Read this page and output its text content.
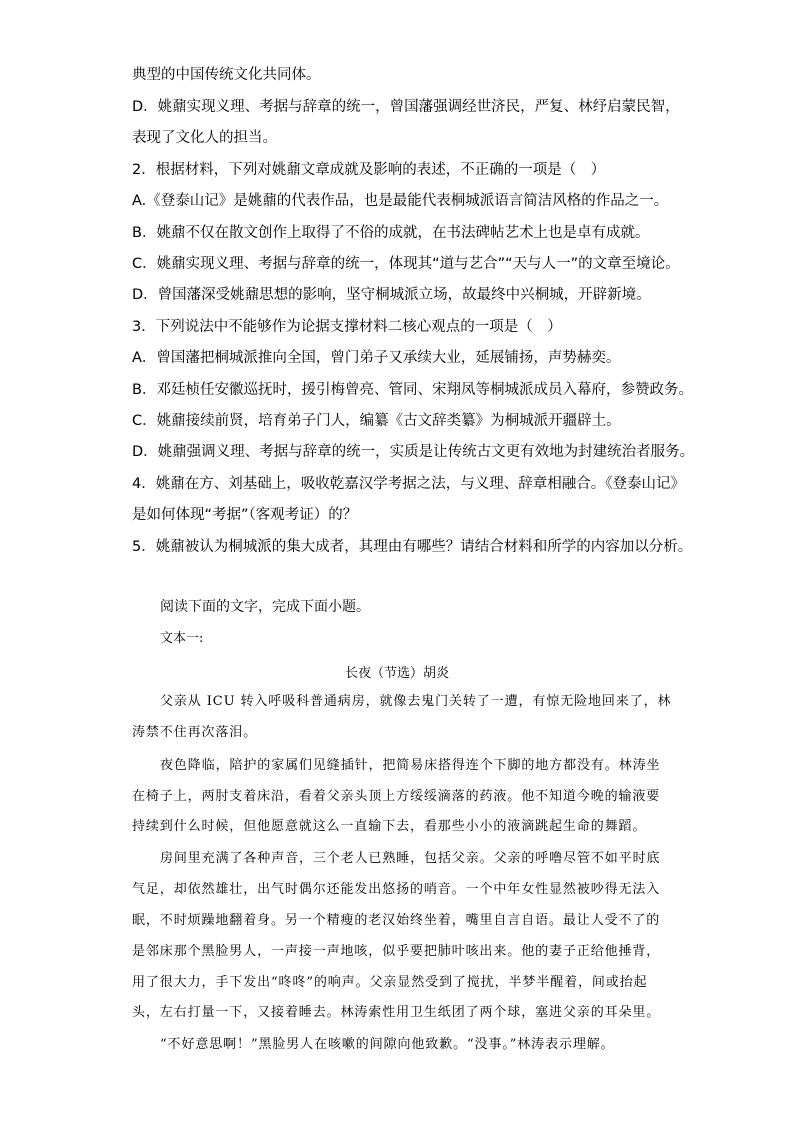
典型的中国传统文化共同体。
D．姚鼐实现义理、考据与辞章的统一，曾国藩强调经世济民，严复、林纾启蒙民智，
表现了文化人的担当。
2．根据材料，下列对姚鼐文章成就及影响的表述，不正确的一项是（　）
A.《登泰山记》是姚鼐的代表作品，也是最能代表桐城派语言简洁风格的作品之一。
B．姚鼐不仅在散文创作上取得了不俗的成就，在书法碑帖艺术上也是卓有成就。
C．姚鼐实现义理、考据与辞章的统一，体现其“道与艺合”“天与人一”的文章至境论。
D．曾国藩深受姚鼐思想的影响，坚守桐城派立场，故最终中兴桐城，开辟新境。
3．下列说法中不能够作为论据支撑材料二核心观点的一项是（　）
A．曾国藩把桐城派推向全国，曾门弟子又承续大业，延展铺扬，声势赫奕。
B．邓廷桢任安徽巡抚时，援引梅曾亮、管同、宋翔凤等桐城派成员入幕府，参赞政务。
C．姚鼐接续前贤，培育弟子门人，编纂《古文辞类纂》为桐城派开疆辟土。
D．姚鼐强调义理、考据与辞章的统一，实质是让传统古文更有效地为封建统治者服务。
4．姚鼐在方、刘基础上，吸收乾嘉汉学考据之法，与义理、辞章相融合。《登泰山记》
是如何体现“考据”（客观考证）的？
5．姚鼐被认为桐城派的集大成者，其理由有哪些？请结合材料和所学的内容加以分析。
阅读下面的文字，完成下面小题。
文本一:
长夜（节选）胡炎
父亲从 ICU 转入呼吸科普通病房，就像去鬼门关转了一遭，有惊无险地回来了，林
涛禁不住再次落泪。
夜色降临，陪护的家属们见缝插针，把简易床搭得连个下脚的地方都没有。林涛坐
在椅子上，两肘支着床沿，看着父亲头顶上方绥绥滴落的药液。他不知道今晚的输液要
持续到什么时候，但他愿意就这么一直输下去，看那些小小的液滴跳起生命的舞蹈。
房间里充满了各种声音，三个老人已熟睡，包括父亲。父亲的呼噜尽管不如平时底
气足，却依然雄壮，出气时偶尔还能发出悠扬的哨音。一个中年女性显然被吵得无法入
眠，不时烦躁地翻着身。另一个精瘦的老汉始终坐着，嘴里自言自语。最让人受不了的
是邻床那个黑脸男人，一声接一声地咳，似乎要把肺叶咳出来。他的妻子正给他捶背，
用了很大力，手下发出“咚咚”的响声。父亲显然受到了搅扰，半梦半醒着，间或抬起
头，左右打量一下，又接着睡去。林涛索性用卫生纸团了两个球，塞进父亲的耳朵里。
“不好意思啊！”黑脸男人在咳嗽的间隙向他致歉。“没事。”林涛表示理解。
